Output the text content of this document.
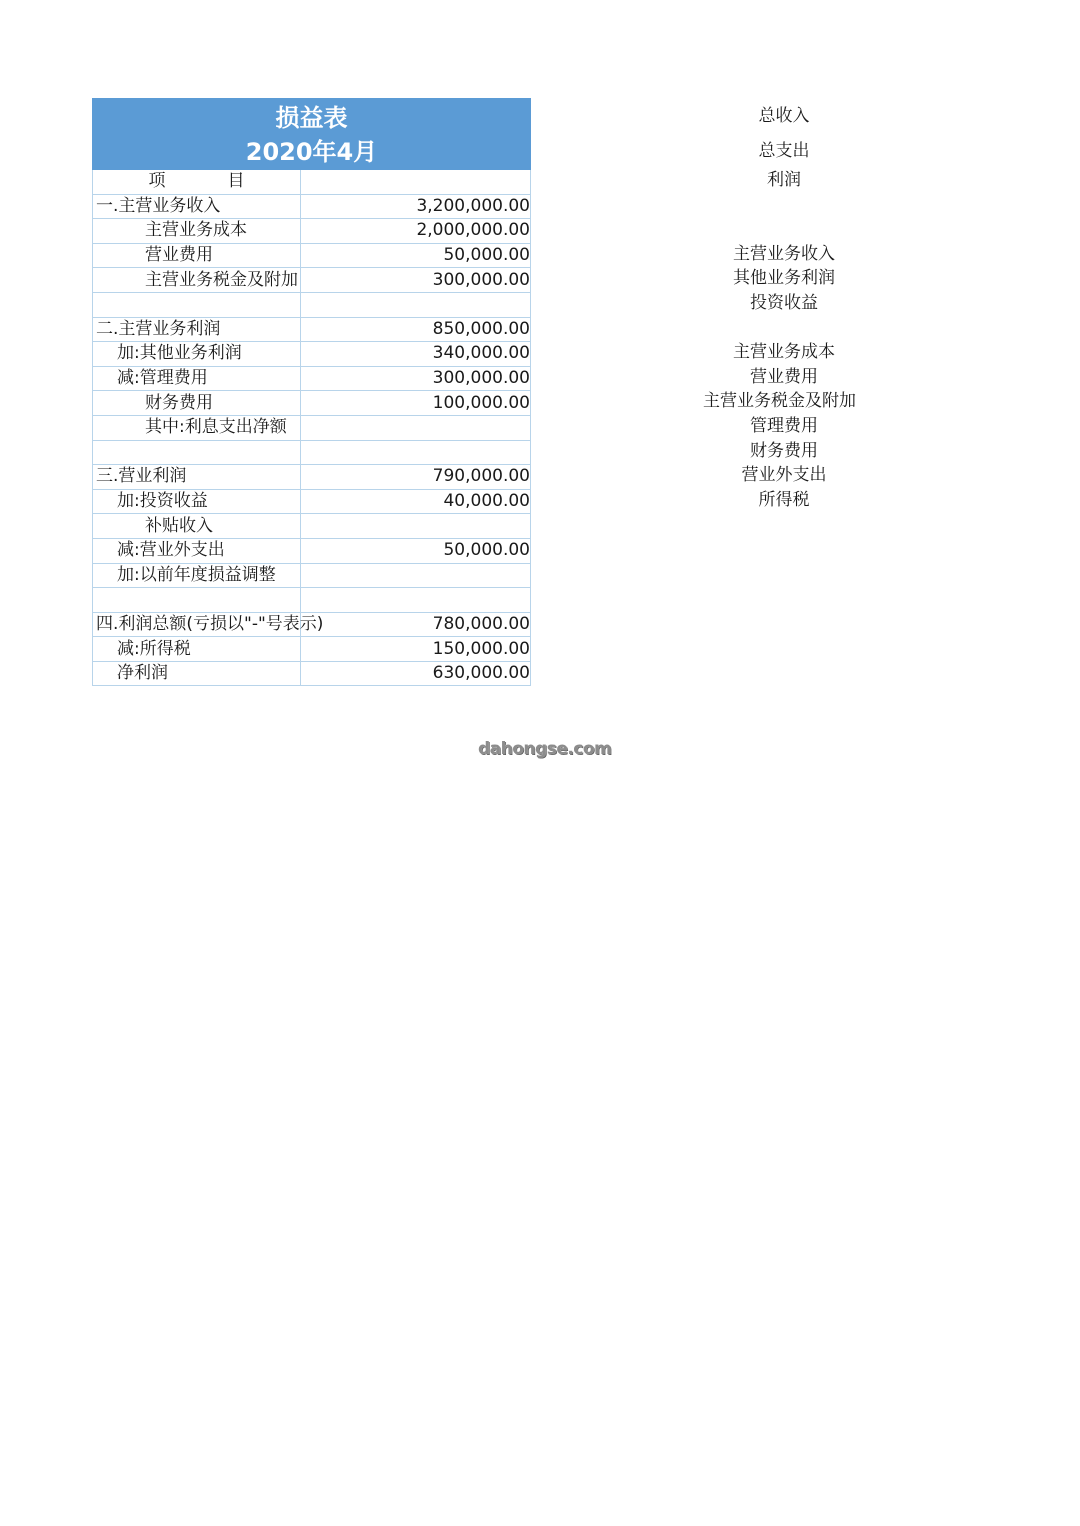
损益表
2020年4月	

项 目	
一.主营业务收入	3,200,000.00
主营业务成本	2,000,000.00
营业费用	50,000.00
主营业务税金及附加	300,000.00

二.主营业务利润	850,000.00
加:其他业务利润	340,000.00
减:管理费用	300,000.00
财务费用	100,000.00
其中:利息支出净额	

三.营业利润	790,000.00
加:投资收益	40,000.00
补贴收入	
减:营业外支出	50,000.00
加:以前年度损益调整	

四.利润总额(亏损以"-"号表示)	780,000.00
减:所得税	150,000.00
净利润	630,000.00
总收入
总支出
利润
主营业务收入
其他业务利润
投资收益
主营业务成本
营业费用
主营业务税金及附加
管理费用
财务费用
营业外支出
所得税
dahongse.com
